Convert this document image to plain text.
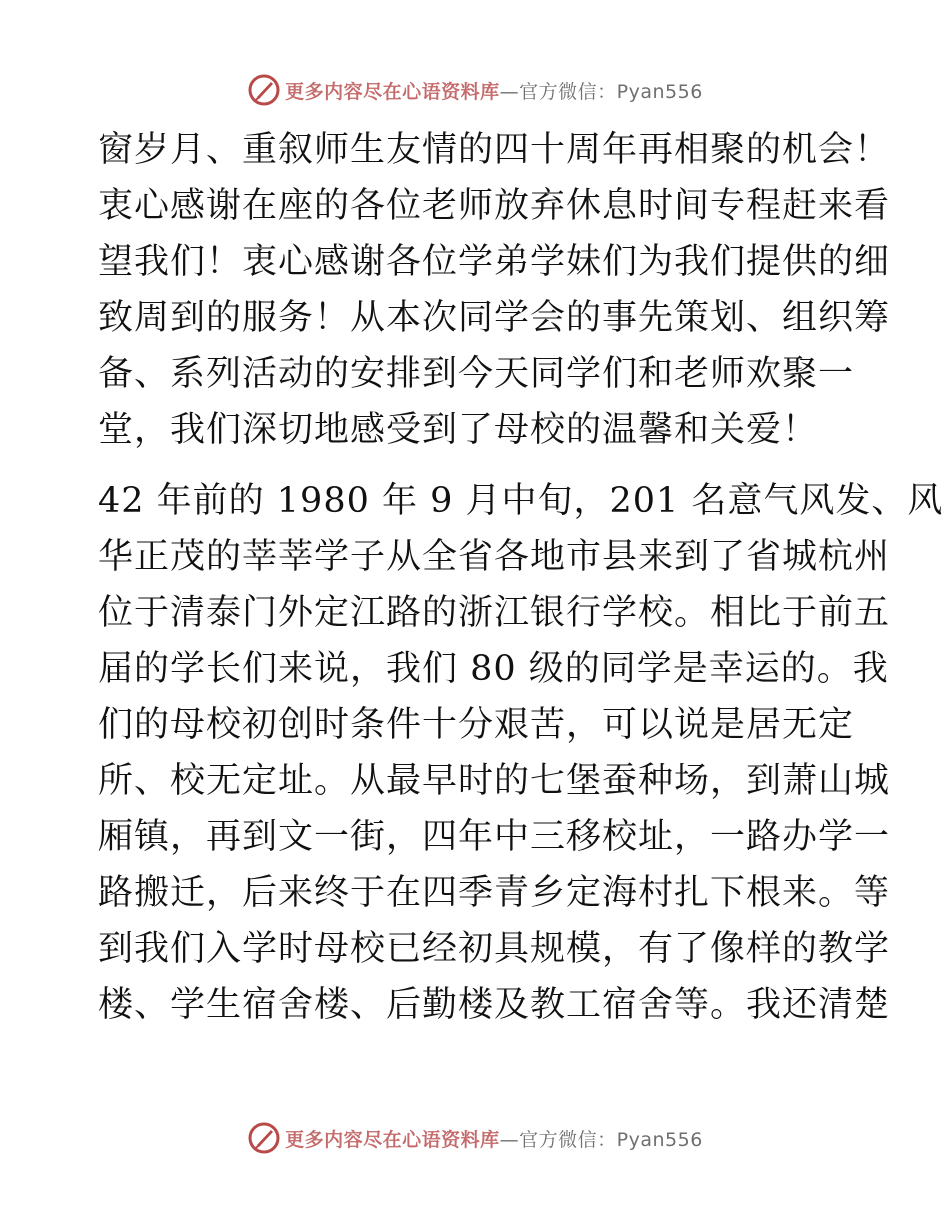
更多内容尽在心语资料库 —官方微信：Pyan556
窗岁月、重叙师生友情的四十周年再相聚的机会！
衷心感谢在座的各位老师放弃休息时间专程赶来看
望我们！衷心感谢各位学弟学妹们为我们提供的细
致周到的服务！从本次同学会的事先策划、组织筹
备、系列活动的安排到今天同学们和老师欢聚一
堂，我们深切地感受到了母校的温馨和关爱！
42 年前的 1980 年 9 月中旬，201 名意气风发、风
华正茂的莘莘学子从全省各地市县来到了省城杭州
位于清泰门外定江路的浙江银行学校。相比于前五
届的学长们来说，我们 80 级的同学是幸运的。我
们的母校初创时条件十分艰苦，可以说是居无定
所、校无定址。从最早时的七堡蚕种场，到萧山城
厢镇，再到文一街，四年中三移校址，一路办学一
路搬迁，后来终于在四季青乡定海村扎下根来。等
到我们入学时母校已经初具规模，有了像样的教学
楼、学生宿舍楼、后勤楼及教工宿舍等。我还清楚
更多内容尽在心语资料库 —官方微信：Pyan556
